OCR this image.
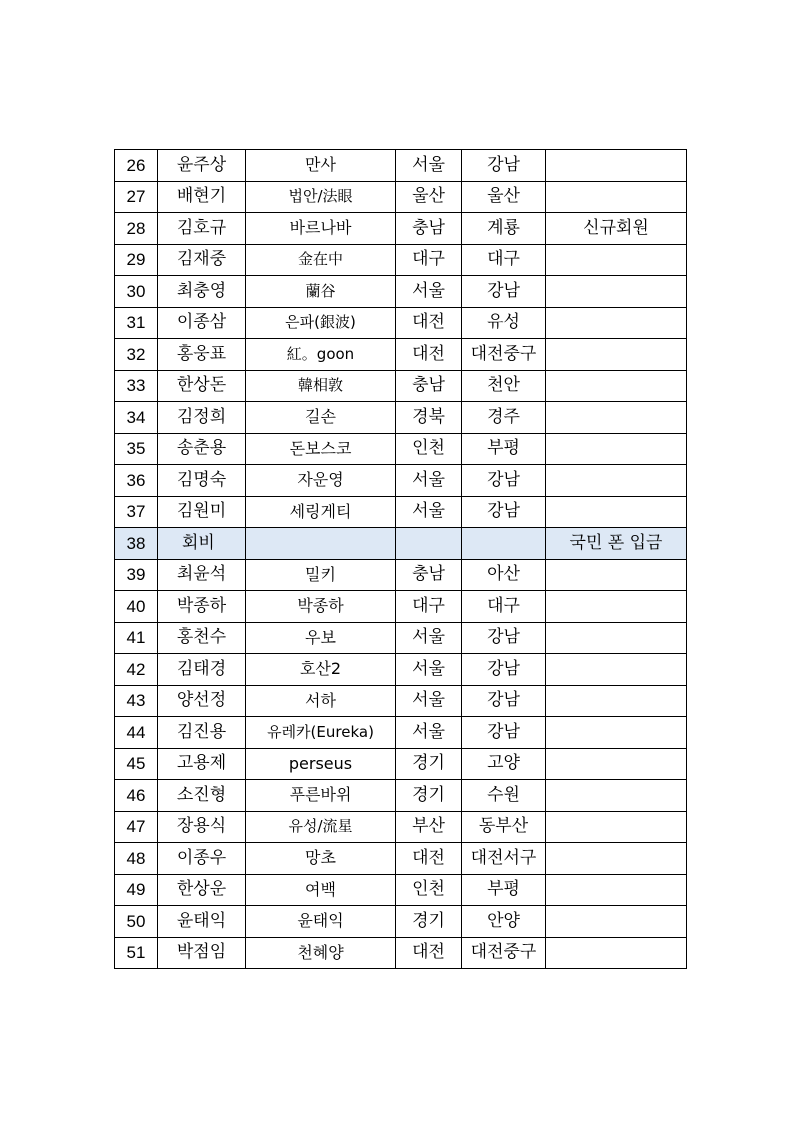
26	윤주상	만사	서울	강남	
27	배현기	법안/法眼	울산	울산	
28	김호규	바르나바	충남	계룡	신규회원
29	김재중	金在中	대구	대구	
30	최충영	蘭谷	서울	강남	
31	이종삼	은파(銀波)	대전	유성	
32	홍웅표	紅。goon	대전	대전중구	
33	한상돈	韓相敦	충남	천안	
34	김정희	길손	경북	경주	
35	송춘용	돈보스코	인천	부평	
36	김명숙	자운영	서울	강남	
37	김원미	세링게티	서울	강남	
38	회비				국민 폰 입금
39	최윤석	밀키	충남	아산	
40	박종하	박종하	대구	대구	
41	홍천수	우보	서울	강남	
42	김태경	호산2	서울	강남	
43	양선정	서하	서울	강남	
44	김진용	유레카(Eureka)	서울	강남	
45	고용제	perseus	경기	고양	
46	소진형	푸른바위	경기	수원	
47	장용식	유성/流星	부산	동부산	
48	이종우	망초	대전	대전서구	
49	한상운	여백	인천	부평	
50	윤태익	윤태익	경기	안양	
51	박점임	천혜양	대전	대전중구	
